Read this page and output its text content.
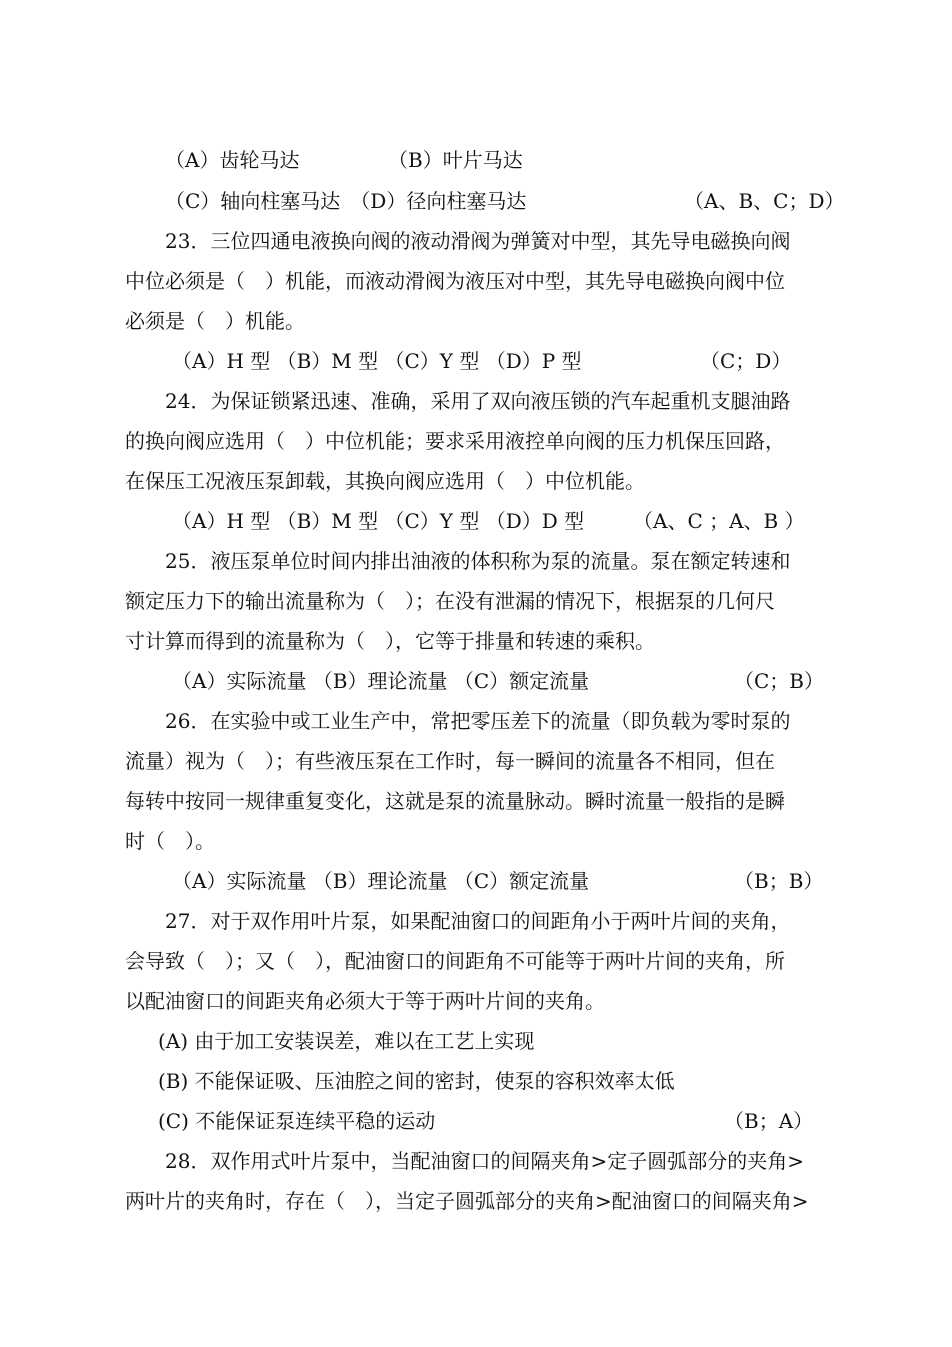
（A）齿轮马达	（B）叶片马达

（C）轴向柱塞马达　（D）径向柱塞马达	（A、B、C；D）

23．三位四通电液换向阀的液动滑阀为弹簧对中型，其先导电磁换向阀

中位必须是（　）机能，而液动滑阀为液压对中型，其先导电磁换向阀中位

必须是（　）机能。

（A）H 型 （B）M 型 （C）Y 型 （D）P 型	（C；D）

24．为保证锁紧迅速、准确，采用了双向液压锁的汽车起重机支腿油路

的换向阀应选用（　）中位机能；要求采用液控单向阀的压力机保压回路，

在保压工况液压泵卸载，其换向阀应选用（　）中位机能。

（A）H 型 （B）M 型 （C）Y 型 （D）D 型 （A、C ；A、B ）

25．液压泵单位时间内排出油液的体积称为泵的流量。泵在额定转速和

额定压力下的输出流量称为（　）；在没有泄漏的情况下，根据泵的几何尺

寸计算而得到的流量称为（　），它等于排量和转速的乘积。

（A）实际流量 （B）理论流量 （C）额定流量	（C；B）

26．在实验中或工业生产中，常把零压差下的流量（即负载为零时泵的

流量）视为（　）；有些液压泵在工作时，每一瞬间的流量各不相同，但在

每转中按同一规律重复变化，这就是泵的流量脉动。瞬时流量一般指的是瞬

时（　）。

（A）实际流量 （B）理论流量 （C）额定流量	（B；B）

27．对于双作用叶片泵，如果配油窗口的间距角小于两叶片间的夹角，

会导致（　）；又（　），配油窗口的间距角不可能等于两叶片间的夹角，所

以配油窗口的间距夹角必须大于等于两叶片间的夹角。

(A) 由于加工安装误差，难以在工艺上实现

(B) 不能保证吸、压油腔之间的密封，使泵的容积效率太低

(C) 不能保证泵连续平稳的运动	（B；A）

28．双作用式叶片泵中，当配油窗口的间隔夹角>定子圆弧部分的夹角>

两叶片的夹角时，存在（　），当定子圆弧部分的夹角>配油窗口的间隔夹角>
